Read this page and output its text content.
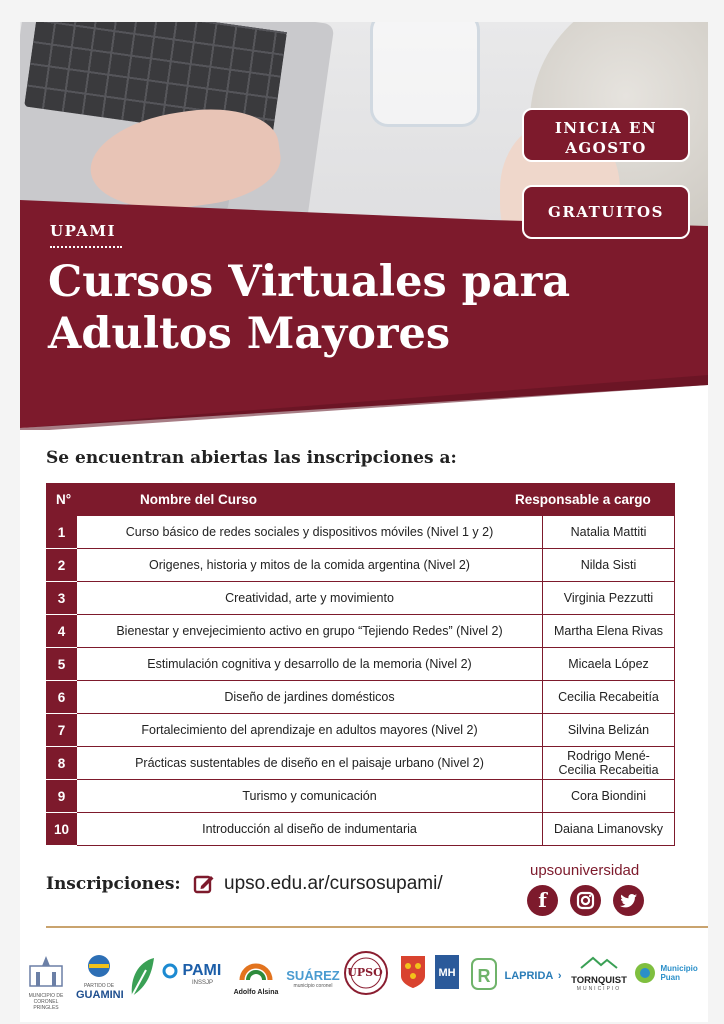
INICIA EN AGOSTO
GRATUITOS
UPAMI
Cursos Virtuales para
Adultos Mayores
Se encuentran abiertas las inscripciones a:
N°	Nombre del Curso	Responsable a cargo
1	Curso básico de redes sociales y dispositivos móviles (Nivel 1 y 2)	Natalia Mattiti
2	Origenes, historia y mitos de la comida argentina (Nivel 2)	Nilda Sisti
3	Creatividad, arte y movimiento	Virginia Pezzutti
4	Bienestar y envejecimiento activo en grupo “Tejiendo Redes” (Nivel 2)	Martha Elena Rivas
5	Estimulación cognitiva y desarrollo de la memoria (Nivel 2)	Micaela López
6	Diseño de jardines domésticos	Cecilia Recabeitía
7	Fortalecimiento del aprendizaje en adultos mayores (Nivel 2)	Silvina Belizán
8	Prácticas sustentables de diseño en el paisaje urbano (Nivel 2)	Rodrigo Mené-
Cecilia Recabeitia
9	Turismo y comunicación	Cora Biondini
10	Introducción al diseño de indumentaria	Daiana Limanovsky
Inscripciones: upso.edu.ar/cursosupami/
upsouniversidad
f
MUNICIPIO DE CORONEL PRINGLES
PARTIDO DE
GUAMINI
PAMI
INSSJP
Adolfo Alsina
SUÁREZ
municipio coronel
UPSO	MH R LAPRIDA ›	TORNQUIST
MUNICIPIO
Municipio Puan
